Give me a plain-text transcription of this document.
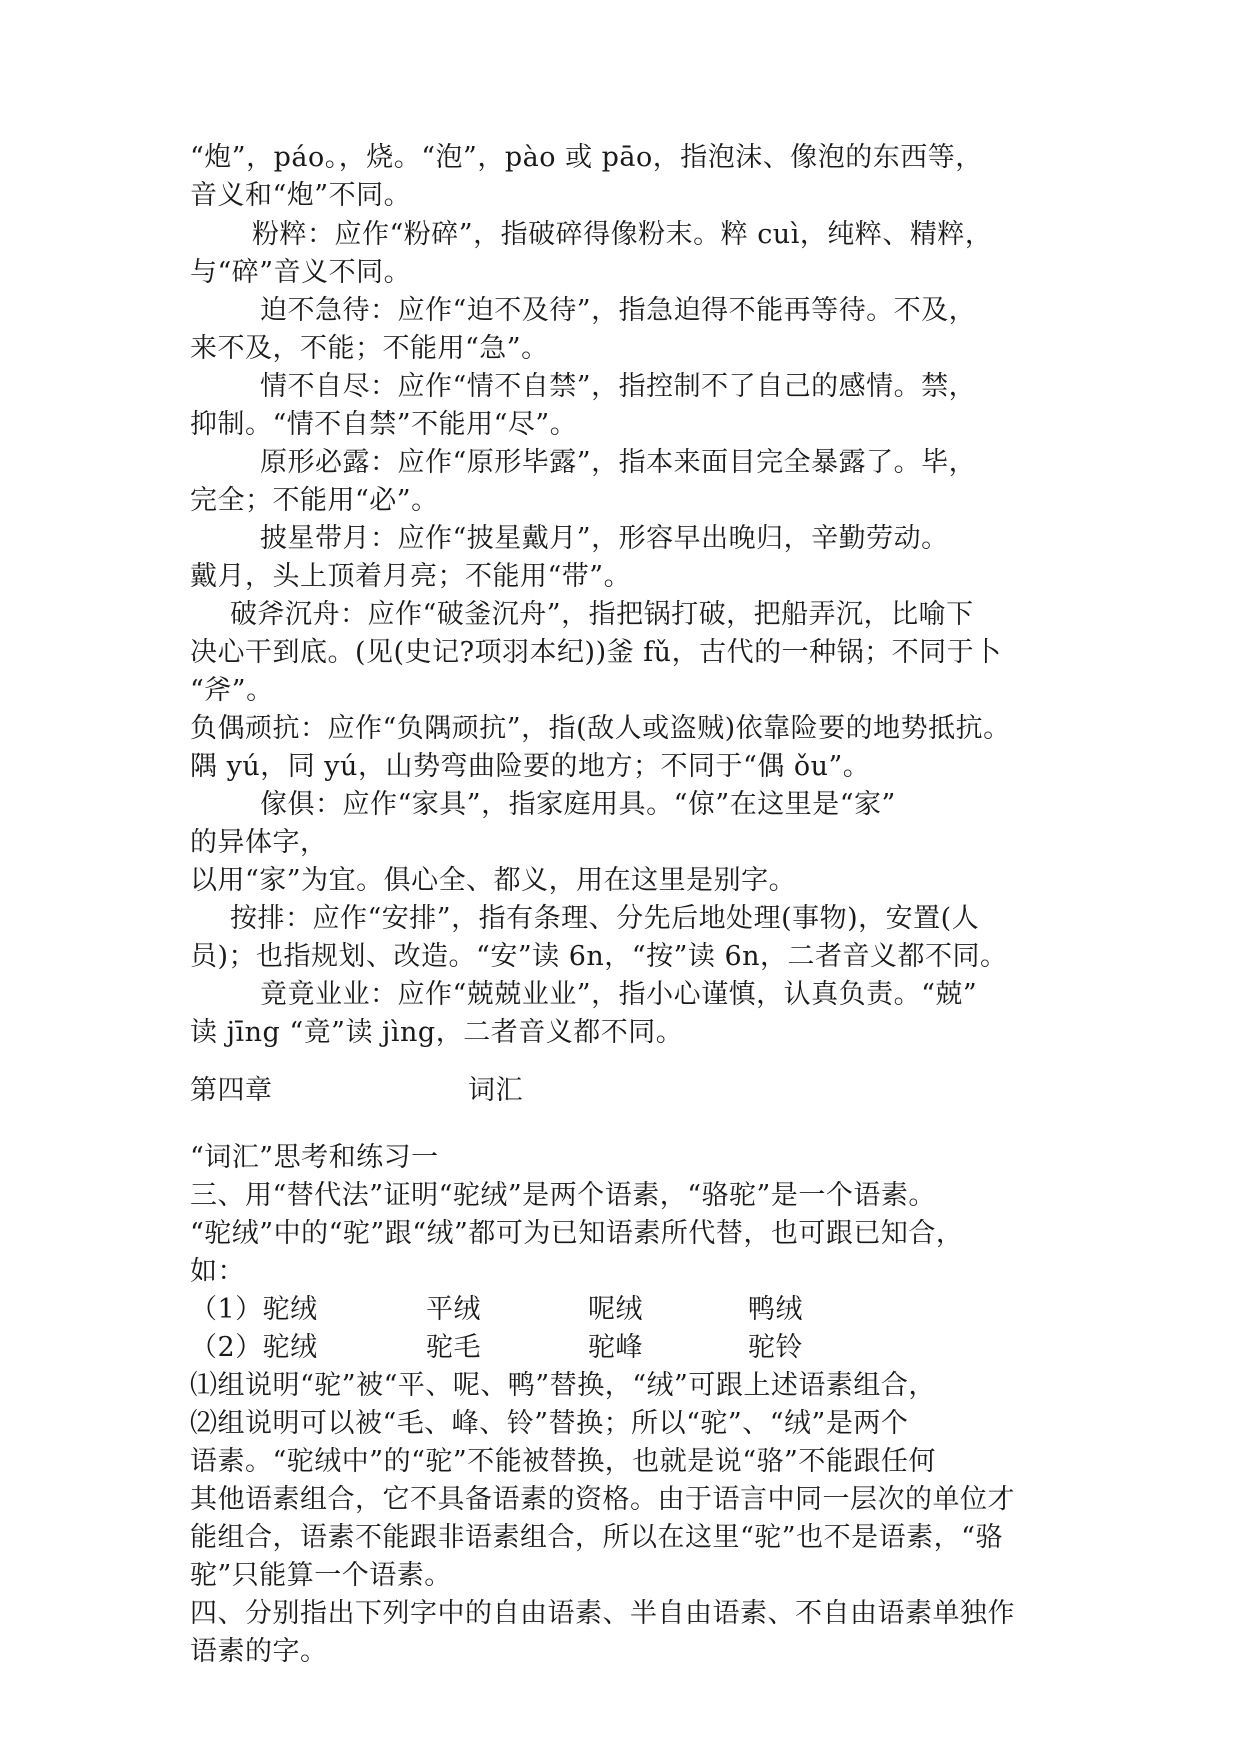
“炮”，páo。，烧。“泡”，pào 或 pāo，指泡沫、像泡的东西等，
音义和“炮”不同。
粉粹：应作“粉碎”，指破碎得像粉末。粹 cuì，纯粹、精粹，
与“碎”音义不同。
迫不急待：应作“迫不及待”，指急迫得不能再等待。不及，
来不及，不能；不能用“急”。
情不自尽：应作“情不自禁”，指控制不了自己的感情。禁，
抑制。“情不自禁”不能用“尽”。
原形必露：应作“原形毕露”，指本来面目完全暴露了。毕，
完全；不能用“必”。
披星带月：应作“披星戴月”，形容早出晚归，辛勤劳动。
戴月，头上顶着月亮；不能用“带”。
破斧沉舟：应作“破釜沉舟”，指把锅打破，把船弄沉，比喻下
决心干到底。(见(史记?项羽本纪))釜 fǔ，古代的一种锅；不同于卜
“斧”。
负偶顽抗：应作“负隅顽抗”，指(敌人或盗贼)依靠险要的地势抵抗。
隅 yú，同 yú，山势弯曲险要的地方；不同于“偶 ǒu”。
傢俱：应作“家具”，指家庭用具。“倞”在这里是“家”
的异体字，
以用“家”为宜。俱心全、都义，用在这里是别字。
按排：应作“安排”，指有条理、分先后地处理(事物)，安置(人
员)；也指规划、改造。“安”读 6n，“按”读 6n，二者音义都不同。
竟竟业业：应作“兢兢业业”，指小心谨慎，认真负责。“兢”
读 jīng “竟”读 jìng，二者音义都不同。
第四章	词汇
“词汇”思考和练习一
三、用“替代法”证明“驼绒”是两个语素，“骆驼”是一个语素。
“驼绒”中的“驼”跟“绒”都可为已知语素所代替，也可跟已知合，
如：
（1）驼绒	平绒	呢绒	鸭绒
（2）驼绒	驼毛	驼峰	驼铃
⑴组说明“驼”被“平、呢、鸭”替换，“绒”可跟上述语素组合，
⑵组说明可以被“毛、峰、铃”替换；所以“驼”、“绒”是两个
语素。“驼绒中”的“驼”不能被替换，也就是说“骆”不能跟任何
其他语素组合，它不具备语素的资格。由于语言中同一层次的单位才
能组合，语素不能跟非语素组合，所以在这里“驼”也不是语素，“骆
驼”只能算一个语素。
四、分别指出下列字中的自由语素、半自由语素、不自由语素单独作
语素的字。
